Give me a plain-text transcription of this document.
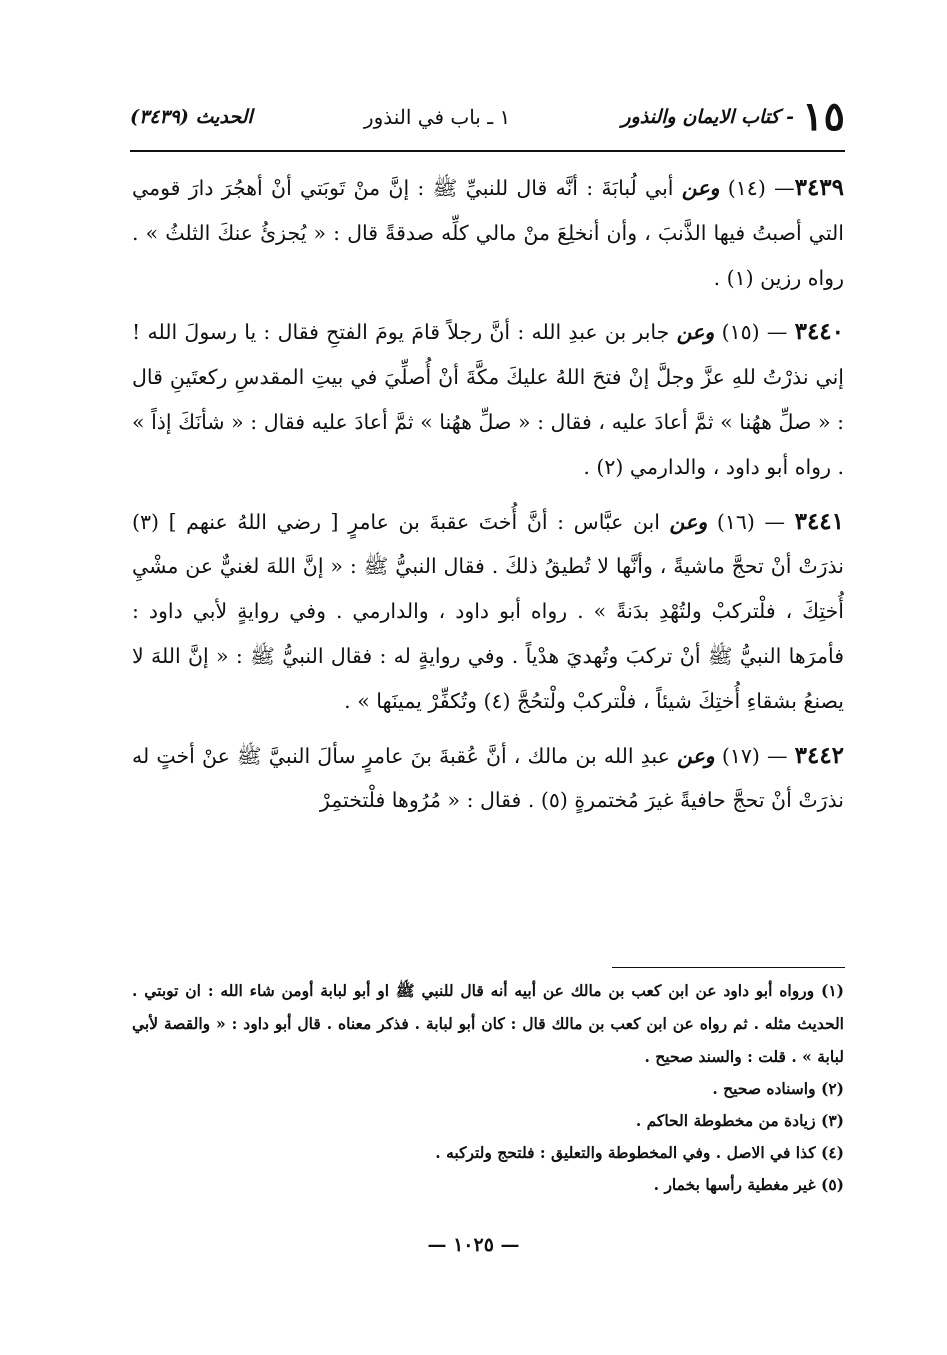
١٥
- كتاب الايمان والنذور
١ ـ باب في النذور
الحديث (٣٤٣٩)

٣٤٣٩— (١٤) وعن أبي لُبابَةَ : أنَّه قال للنبيِّ ﷺ : إنَّ منْ تَوبَتي أنْ أهجُرَ دارَ قومي التي أصبتُ فيها الذَّنبَ ، وأن أنخلِعَ منْ مالي كلِّه صدقةً قال : « يُجزئُ عنكَ الثلثُ » . رواه رزين (١) .

٣٤٤٠ — (١٥) وعن جابر بن عبدِ الله : أنَّ رجلاً قامَ يومَ الفتحِ فقال : يا رسولَ الله ! إني نذرْتُ للهِ عزَّ وجلَّ إنْ فتحَ اللهُ عليكَ مكَّةَ أنْ أُصلِّيَ في بيتِ المقدسِ ركعتَينِ قال : « صلِّ ههُنا » ثمَّ أعادَ عليه ، فقال : « صلِّ ههُنا » ثمَّ أعادَ عليه فقال : « شأنَكَ إذاً » . رواه أبو داود ، والدارمي (٢) .

٣٤٤١ — (١٦) وعن ابن عبَّاس : أنَّ أُختَ عقبةَ بن عامرٍ [ رضي اللهُ عنهم ] (٣) نذرَتْ أنْ تحجَّ ماشيةً ، وأنَّها لا تُطيقُ ذلكَ . فقال النبيُّ ﷺ : « إنَّ اللهَ لغنيٌّ عن مشْيِ أُختِكَ ، فلْتركبْ ولتُهْدِ بدَنةً » . رواه أبو داود ، والدارمي . وفي روايةٍ لأبي داود : فأمرَها النبيُّ ﷺ أنْ تركبَ وتُهديَ هدْياً . وفي روايةٍ له : فقال النبيُّ ﷺ : « إنَّ اللهَ لا يصنعُ بشقاءِ أُختِكَ شيئاً ، فلْتركبْ ولْتحُجَّ (٤) وتُكفِّرْ يمينَها » .

٣٤٤٢ — (١٧) وعن عبدِ الله بن مالك ، أنَّ عُقبةَ بنَ عامرٍ سألَ النبيَّ ﷺ عنْ أختٍ له نذرَتْ أنْ تحجَّ حافيةً غيرَ مُختمرةٍ (٥) . فقال : « مُرُوها فلْتختمِرْ

(١) ورواه أبو داود عن ابن كعب بن مالك عن أبيه أنه قال للنبي ﷺ او أبو لبابة أومن شاء الله : ان توبتي . الحديث مثله . ثم رواه عن ابن كعب بن مالك قال : كان أبو لبابة . فذكر معناه . قال أبو داود : « والقصة لأبي لبابة » . قلت : والسند صحيح .

(٢) واسناده صحيح .

(٣) زيادة من مخطوطة الحاكم .

(٤) كذا في الاصل . وفي المخطوطة والتعليق : فلتحج ولتركبه .

(٥) غير مغطية رأسها بخمار .

— ١٠٢٥ —
